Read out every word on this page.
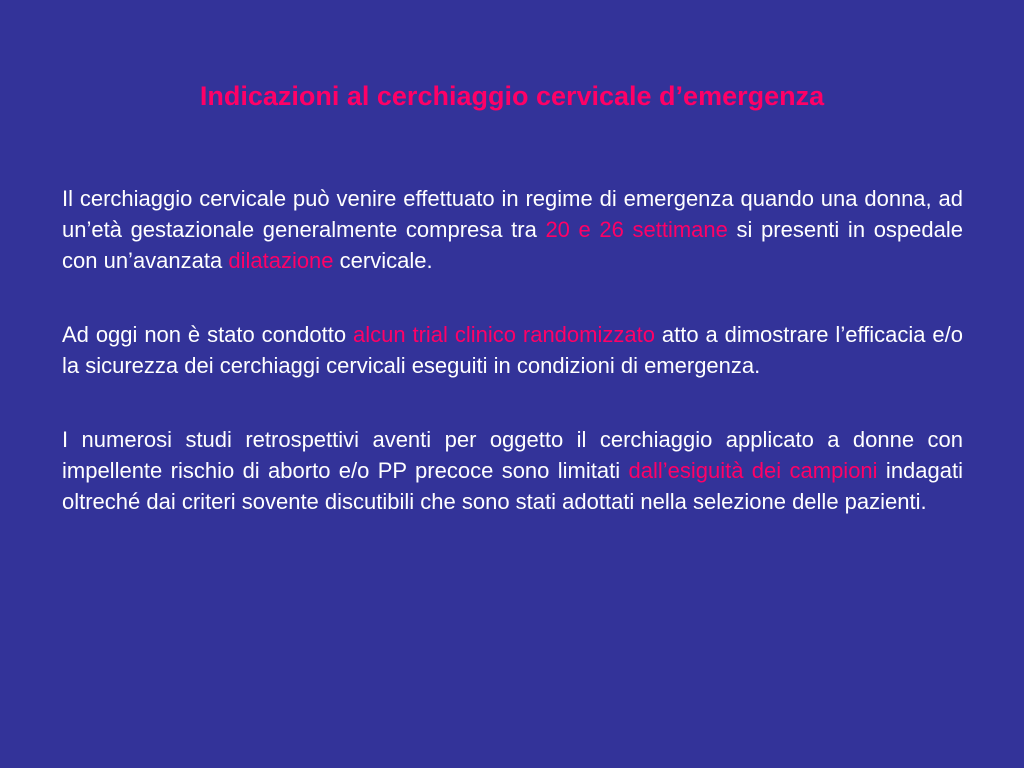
Indicazioni al cerchiaggio cervicale d’emergenza

Il cerchiaggio cervicale può venire effettuato in regime di emergenza quando una donna, ad un’età gestazionale generalmente compresa tra 20 e 26 settimane si presenti in ospedale con un’avanzata dilatazione cervicale.

Ad oggi non è stato condotto alcun trial clinico randomizzato atto a dimostrare l’efficacia e/o la sicurezza dei cerchiaggi cervicali eseguiti in condizioni di emergenza.

I numerosi studi retrospettivi aventi per oggetto il cerchiaggio applicato a donne con impellente rischio di aborto e/o PP precoce sono limitati dall’esiguità dei campioni indagati oltreché dai criteri sovente discutibili che sono stati adottati nella selezione delle pazienti.
